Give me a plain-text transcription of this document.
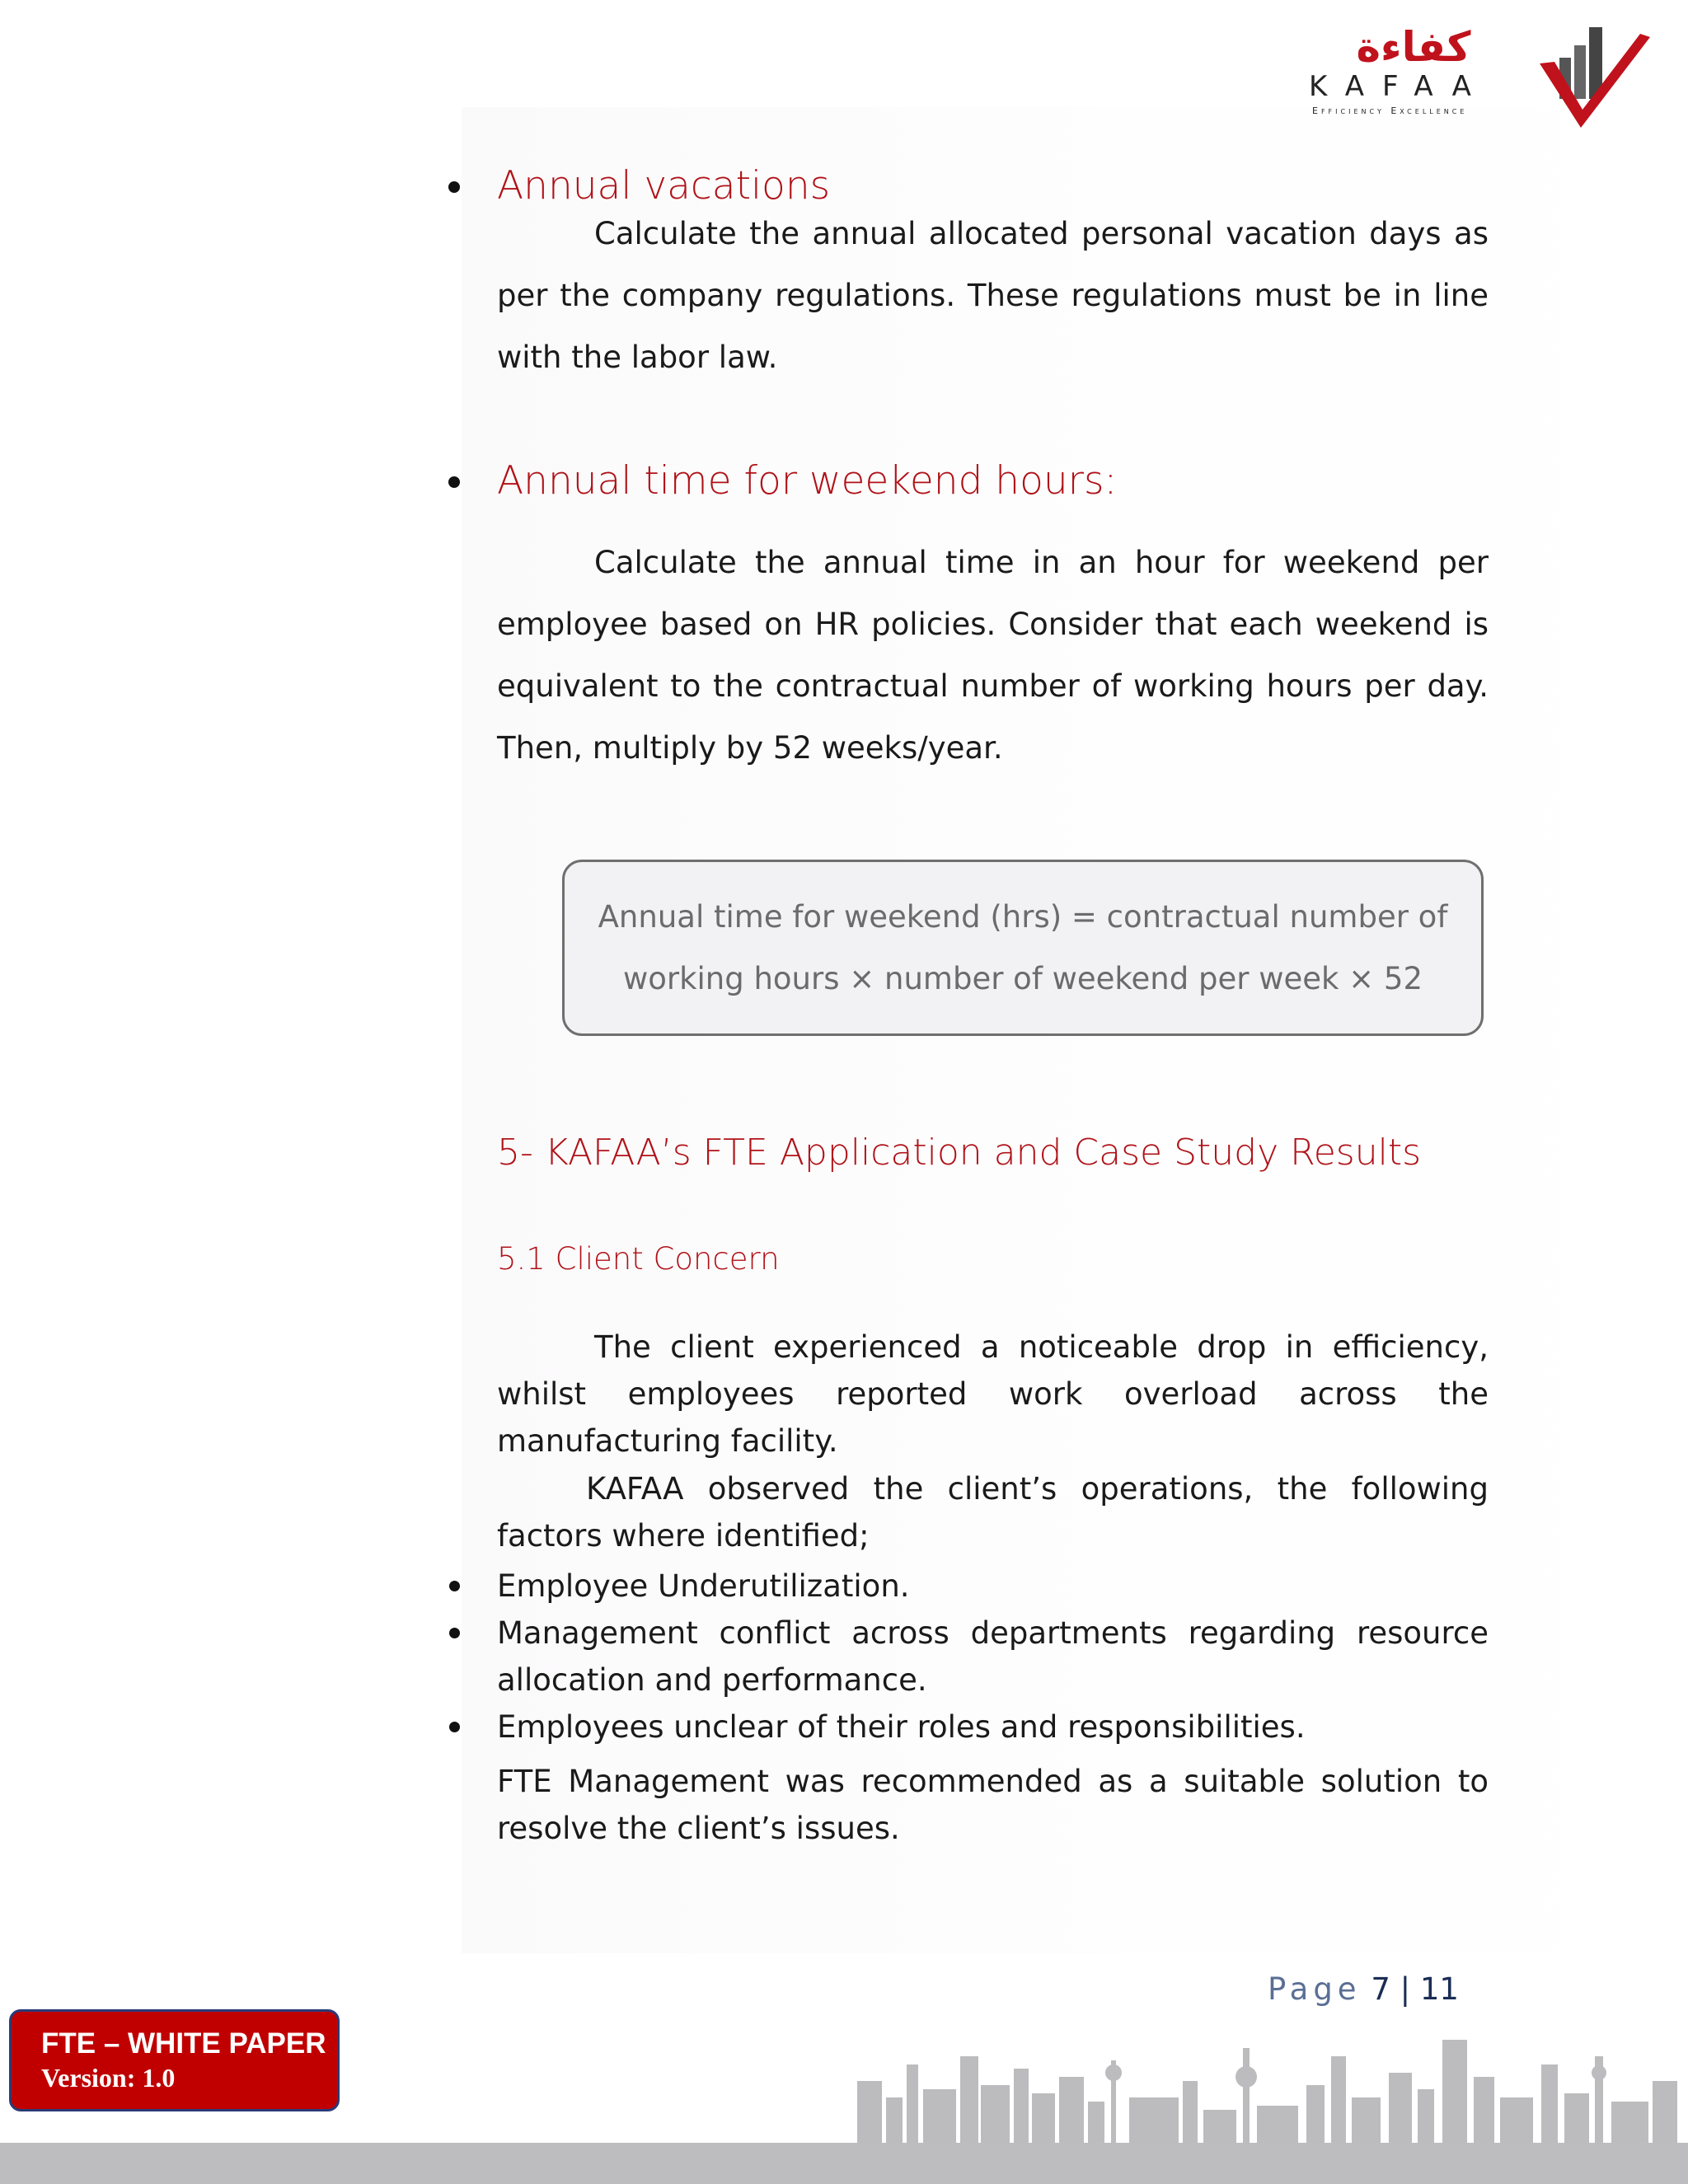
كفاءة
KAFAA
Efficiency Excellence
Annual vacations

Calculate the annual allocated personal vacation days as per the company regulations. These regulations must be in line with the labor law.

Annual time for weekend hours:

Calculate the annual time in an hour for weekend per employee based on HR policies. Consider that each weekend is equivalent to the contractual number of working hours per day. Then, multiply by 52 weeks/year.

Annual time for weekend (hrs) = contractual number of
working hours × number of weekend per week × 52
5- KAFAA’s FTE Application and Case Study Results
5.1 Client Concern

The client experienced a noticeable drop in efficiency, whilst employees reported work overload across the manufacturing facility.

KAFAA observed the client’s operations, the following factors where identified;

Employee Underutilization.
Management conflict across departments regarding resource allocation and performance.
Employees unclear of their roles and responsibilities.

FTE Management was recommended as a suitable solution to resolve the client’s issues.

Page 7 | 11
FTE – WHITE PAPER
Version: 1.0
